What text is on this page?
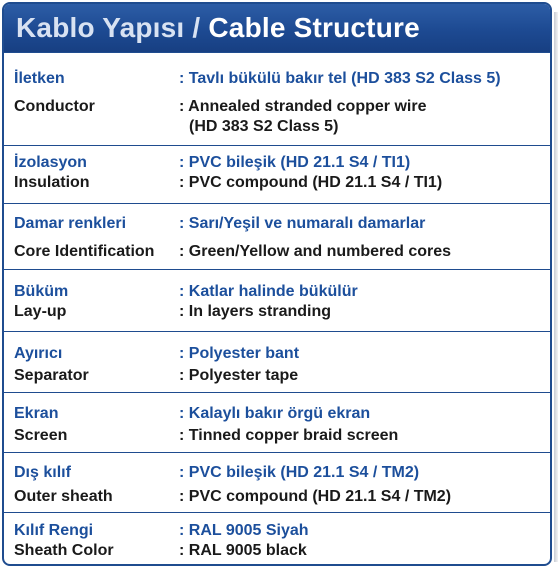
Kablo Yapısı / Cable Structure
İletken	: Tavlı bükülü bakır tel (HD 383 S2 Class 5)
Conductor	: Annealed stranded copper wire
(HD 383 S2 Class 5)
İzolasyon	: PVC bileşik (HD 21.1 S4 / TI1)
Insulation	: PVC compound (HD 21.1 S4 / TI1)
Damar renkleri	: Sarı/Yeşil ve numaralı damarlar
Core Identification	: Green/Yellow and numbered cores
Büküm	: Katlar halinde bükülür
Lay-up	: In layers stranding
Ayırıcı	: Polyester bant
Separator	: Polyester tape
Ekran	: Kalaylı bakır örgü ekran
Screen	: Tinned copper braid screen
Dış kılıf	: PVC bileşik (HD 21.1 S4 / TM2)
Outer sheath	: PVC compound (HD 21.1 S4 / TM2)
Kılıf Rengi	: RAL 9005 Siyah
Sheath Color	: RAL 9005 black
